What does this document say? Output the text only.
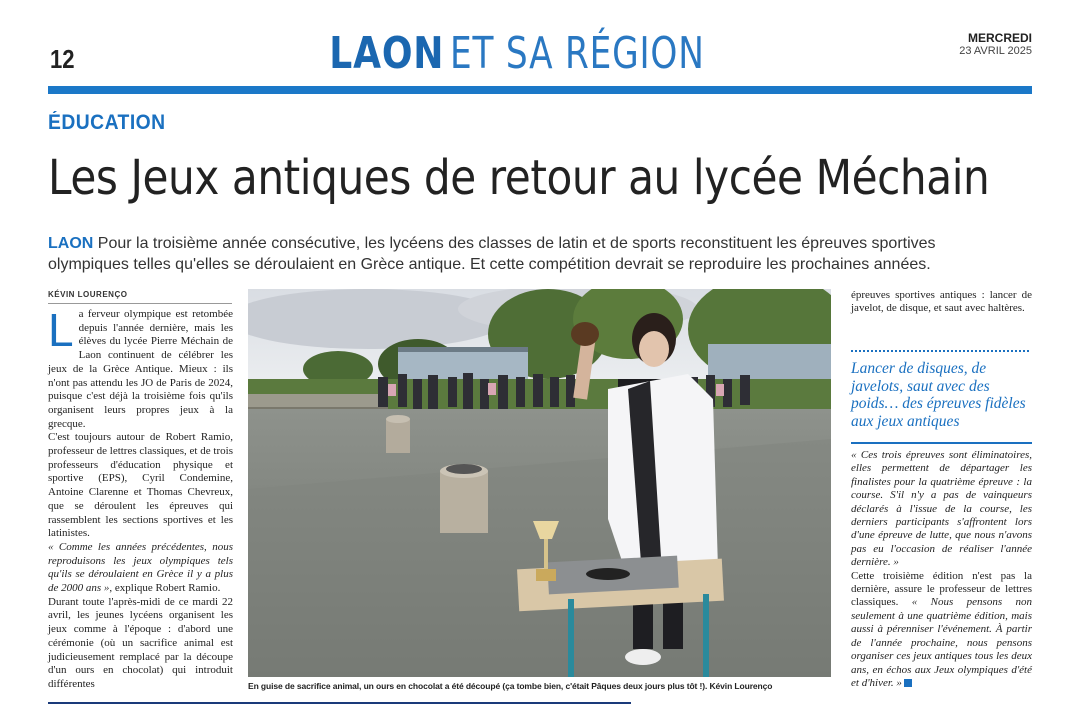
12	LAON ET SA RÉGION	MERCREDI
23 AVRIL 2025
ÉDUCATION
Les Jeux antiques de retour au lycée Méchain
LAON Pour la troisième année consécutive, les lycéens des classes de latin et de sports reconstituent les épreuves sportives olympiques telles qu'elles se déroulaient en Grèce antique. Et cette compétition devrait se reproduire les prochaines années.
KÉVIN LOURENÇO

La ferveur olympique est retombée depuis l'année dernière, mais les élèves du lycée Pierre Méchain de Laon continuent de célébrer les jeux de la Grèce Antique. Mieux : ils n'ont pas attendu les JO de Paris de 2024, puisque c'est déjà la troisième fois qu'ils organisent leurs propres jeux à la grecque.

C'est toujours autour de Robert Ramio, professeur de lettres classiques, et de trois professeurs d'éducation physique et sportive (EPS), Cyril Condemine, Antoine Clarenne et Thomas Chevreux, que se déroulent les épreuves qui rassemblent les sections sportives et les latinistes.

« Comme les années précédentes, nous reproduisons les jeux olympiques tels qu'ils se déroulaient en Grèce il y a plus de 2000 ans », explique Robert Ramio.

Durant toute l'après-midi de ce mardi 22 avril, les jeunes lycéens organisent les jeux comme à l'époque : d'abord une cérémonie (où un sacrifice animal est judicieusement remplacé par la découpe d'un ours en chocolat) qui introduit différentes	En guise de sacrifice animal, un ours en chocolat a été découpé (ça tombe bien, c'était Pâques deux jours plus tôt !). Kévin Lourenço
épreuves sportives antiques : lancer de javelot, de disque, et saut avec haltères.
Lancer de disques, de javelots, saut avec des poids… des épreuves fidèles aux jeux antiques

« Ces trois épreuves sont éliminatoires, elles permettent de départager les finalistes pour la quatrième épreuve : la course. S'il n'y a pas de vainqueurs déclarés à l'issue de la course, les derniers participants s'affrontent lors d'une épreuve de lutte, que nous n'avons pas eu l'occasion de réaliser l'année dernière. »

Cette troisième édition n'est pas la dernière, assure le professeur de lettres classiques. « Nous pensons non seulement à une quatrième édition, mais aussi à pérenniser l'événement. À partir de l'année prochaine, nous pensons organiser ces jeux antiques tous les deux ans, en échos aux Jeux olympiques d'été et d'hiver. »
